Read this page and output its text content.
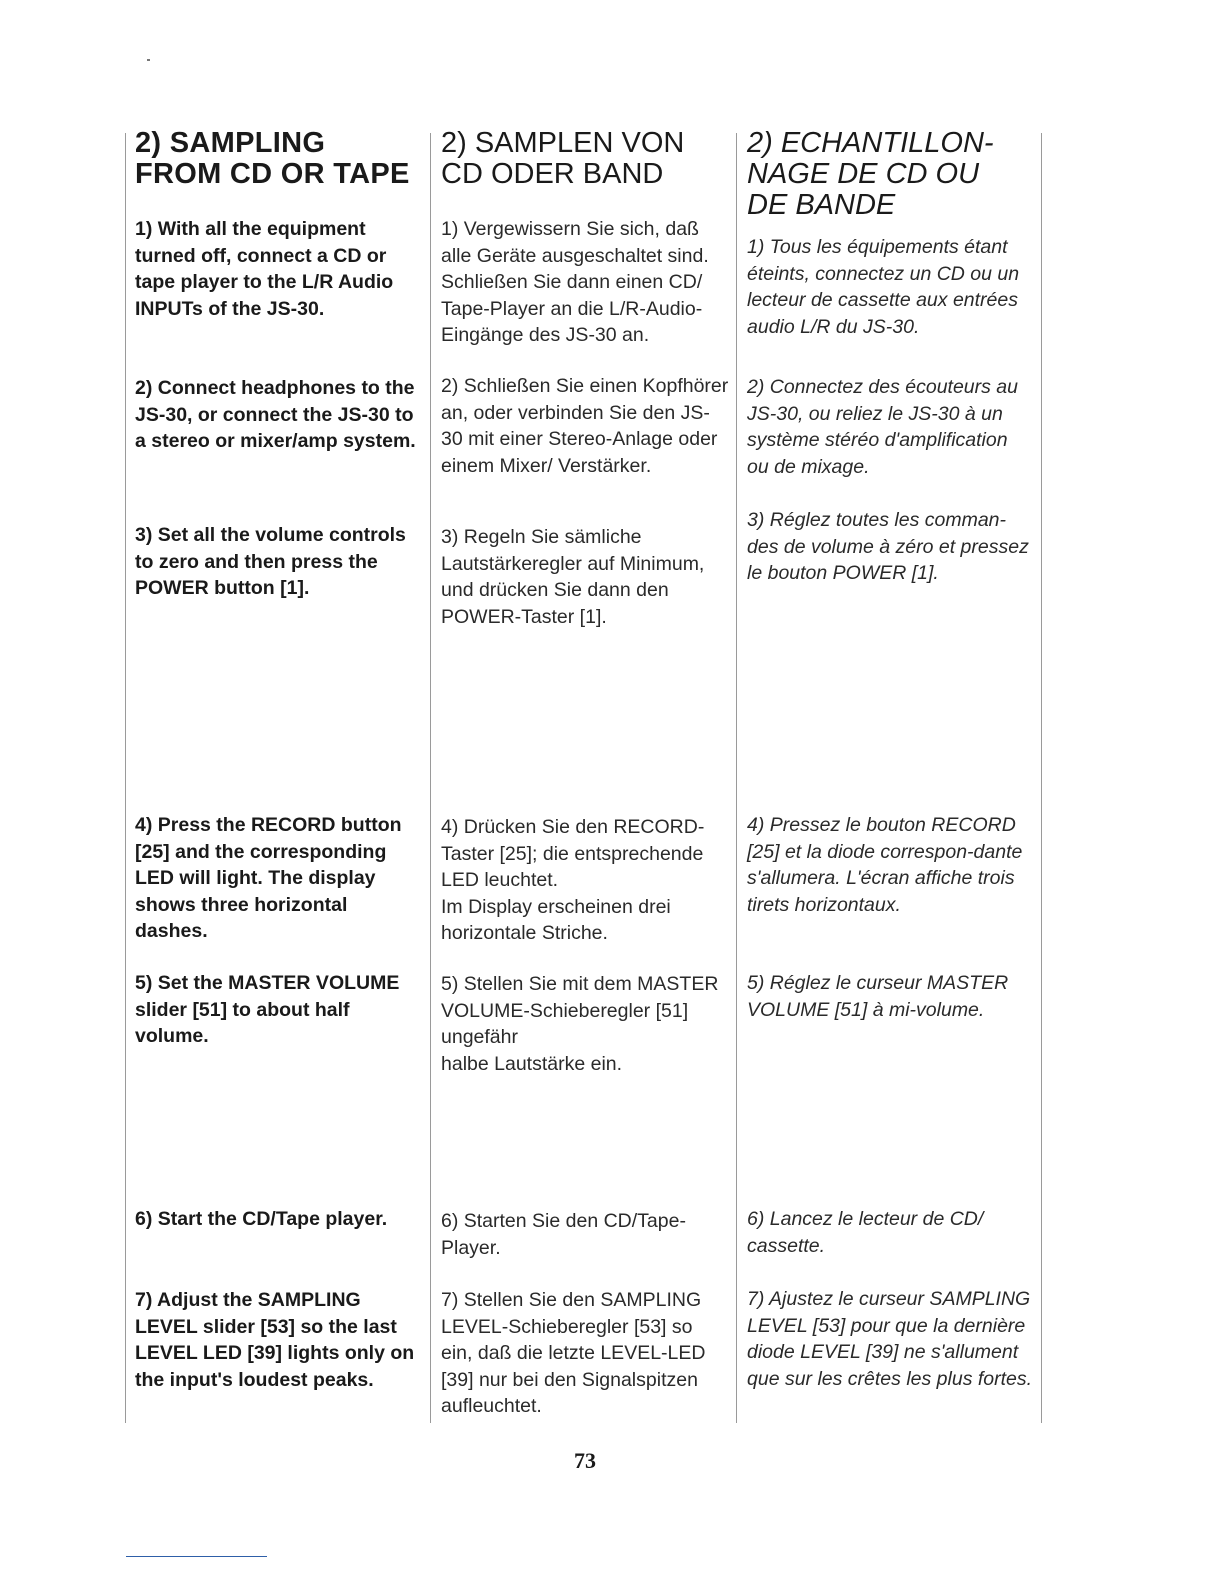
2) SAMPLING
FROM CD OR TAPE

1) With all the equipment turned off, connect a CD or tape player to the L/R Audio INPUTs of the JS-30.

2) Connect headphones to the JS-30, or connect the JS-30 to a stereo or mixer/amp system.

3) Set all the volume controls to zero and then press the POWER button [1].

4) Press the RECORD button [25] and the corresponding LED will light. The display shows three horizontal dashes.

5) Set the MASTER VOLUME slider [51] to about half volume.

6) Start the CD/Tape player.

7) Adjust the SAMPLING LEVEL slider [53] so the last LEVEL LED [39] lights only on the input's loudest peaks.

2) SAMPLEN VON
CD ODER BAND

1) Vergewissern Sie sich, daß alle Geräte ausgeschaltet sind. Schließen Sie dann einen CD/ Tape-Player an die L/R-Audio-Eingänge des JS-30 an.

2) Schließen Sie einen Kopfhörer an, oder verbinden Sie den JS-30 mit einer Stereo-Anlage oder einem Mixer/ Verstärker.

3) Regeln Sie sämliche Lautstärkeregler auf Minimum, und drücken Sie dann den POWER-Taster [1].

4) Drücken Sie den RECORD-Taster [25]; die entsprechende LED leuchtet.
Im Display erscheinen drei horizontale Striche.

5) Stellen Sie mit dem MASTER VOLUME-Schieberegler [51] ungefähr
halbe Lautstärke ein.

6) Starten Sie den CD/Tape-Player.

7) Stellen Sie den SAMPLING LEVEL-Schieberegler [53] so ein, daß die letzte LEVEL-LED [39] nur bei den Signalspitzen aufleuchtet.

2) ECHANTILLON-
NAGE DE CD OU
DE BANDE

1) Tous les équipements étant éteints, connectez un CD ou un lecteur de cassette aux entrées audio L/R du JS-30.

2) Connectez des écouteurs au JS-30, ou reliez le JS-30 à un système stéréo d'amplification ou de mixage.

3) Réglez toutes les comman-des de volume à zéro et pressez le bouton POWER [1].

4) Pressez le bouton RECORD [25] et la diode correspon-dante s'allumera. L'écran affiche trois tirets horizontaux.

5) Réglez le curseur MASTER VOLUME [51] à mi-volume.

6) Lancez le lecteur de CD/ cassette.

7) Ajustez le curseur SAMPLING LEVEL [53] pour que la dernière diode LEVEL [39] ne s'allument que sur les crêtes les plus fortes.

73
